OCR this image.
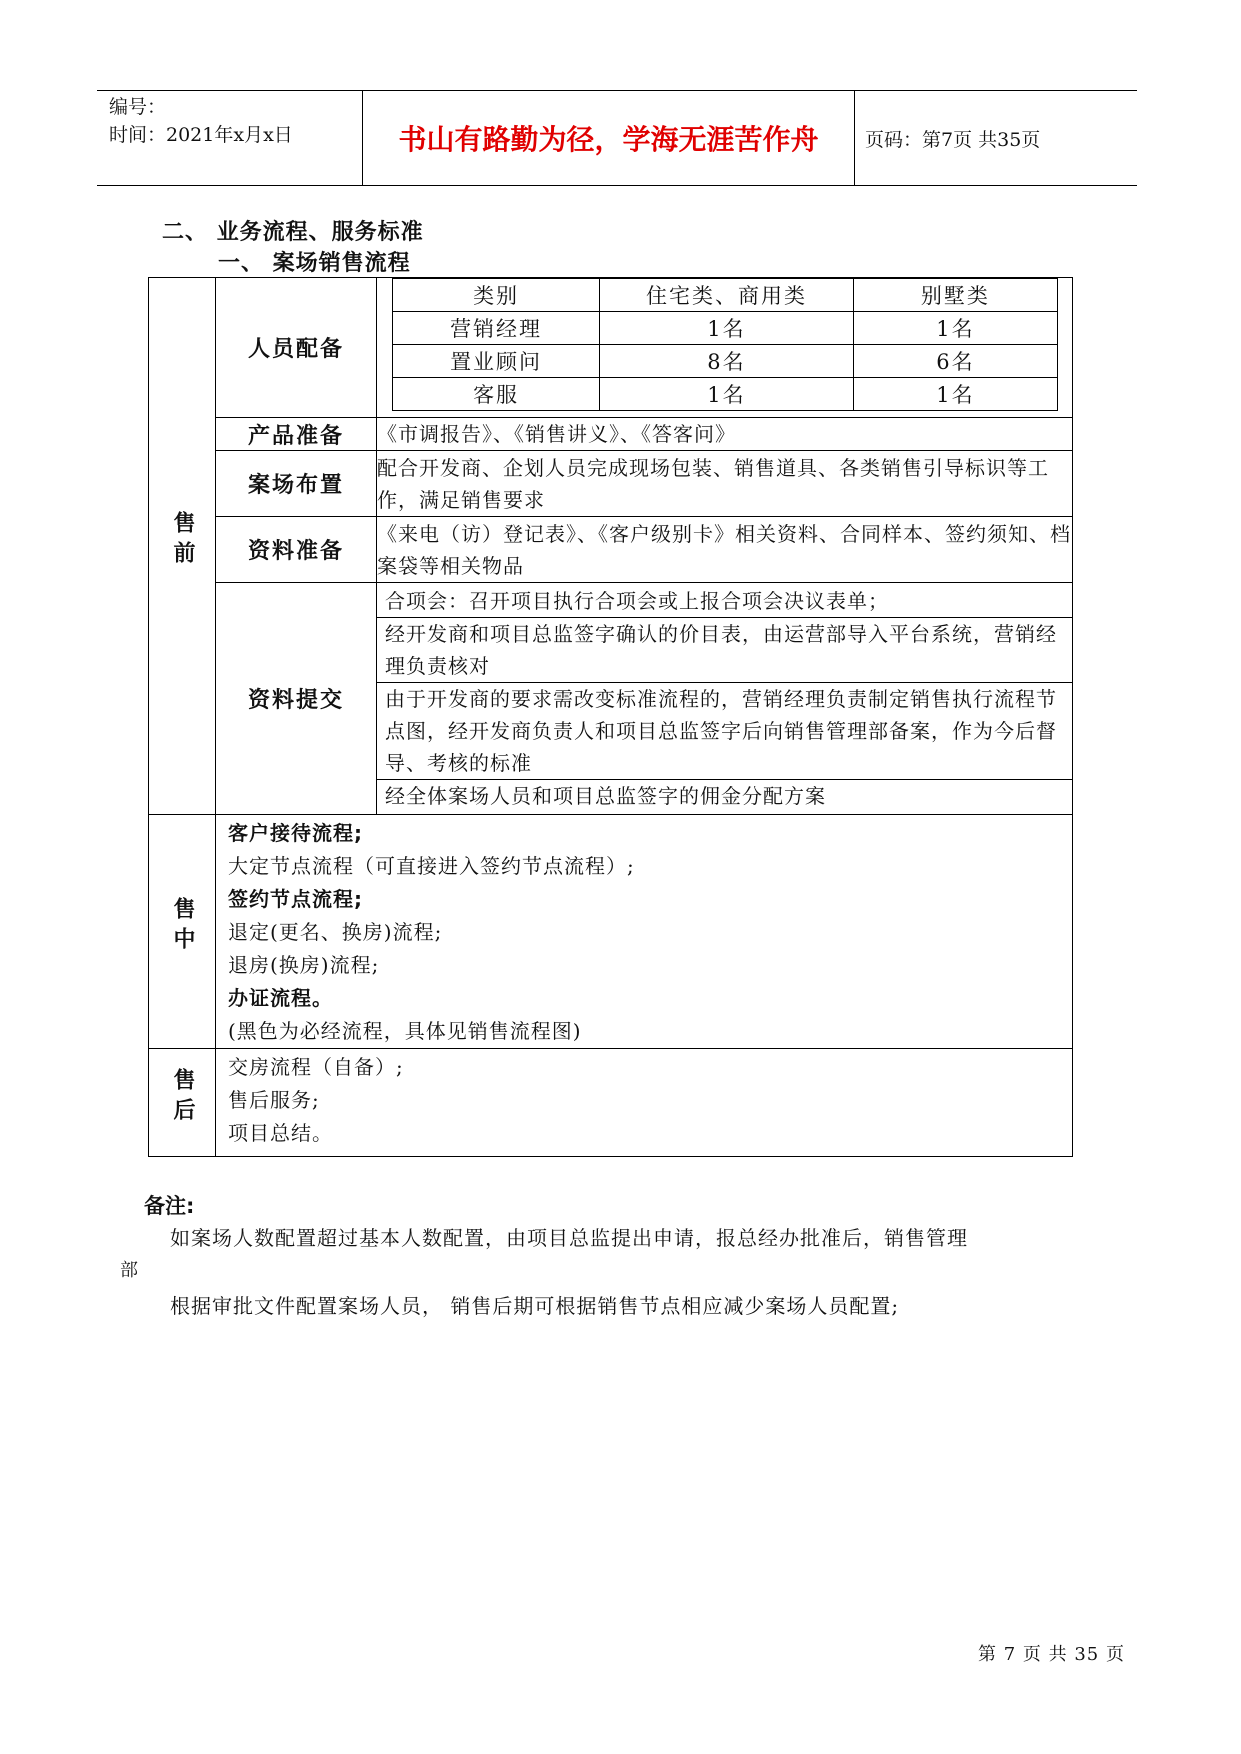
编号：
时间：2021年x月x日	书山有路勤为径，学海无涯苦作舟	页码：第7页 共35页
二、 业务流程、服务标准
一、 案场销售流程
售前	人员配备	
类别	住宅类、商用类	别墅类
营销经理	1名	1名
置业顾问	8名	6名
客服	1名	1名

产品准备	《市调报告》、《销售讲义》、《答客问》
案场布置	配合开发商、企划人员完成现场包装、销售道具、各类销售引导标识等工作，满足销售要求
资料准备	《来电（访）登记表》、《客户级别卡》相关资料、合同样本、签约须知、档案袋等相关物品
资料提交	
合项会：召开项目执行合项会或上报合项会决议表单；
经开发商和项目总监签字确认的价目表，由运营部导入平台系统，营销经理负责核对
由于开发商的要求需改变标准流程的，营销经理负责制定销售执行流程节点图，经开发商负责人和项目总监签字后向销售管理部备案，作为今后督导、考核的标准
经全体案场人员和项目总监签字的佣金分配方案

售中	
客户接待流程;
大定节点流程（可直接进入签约节点流程）;
签约节点流程;
退定(更名、换房)流程;
退房(换房)流程;
办证流程。
(黑色为必经流程，具体见销售流程图)

售后	
交房流程（自备）;
售后服务;
项目总结。
备注:
如案场人数配置超过基本人数配置，由项目总监提出申请，报总经办批准后，销售管理
部
根据审批文件配置案场人员， 销售后期可根据销售节点相应减少案场人员配置;
第 7 页 共 35 页
